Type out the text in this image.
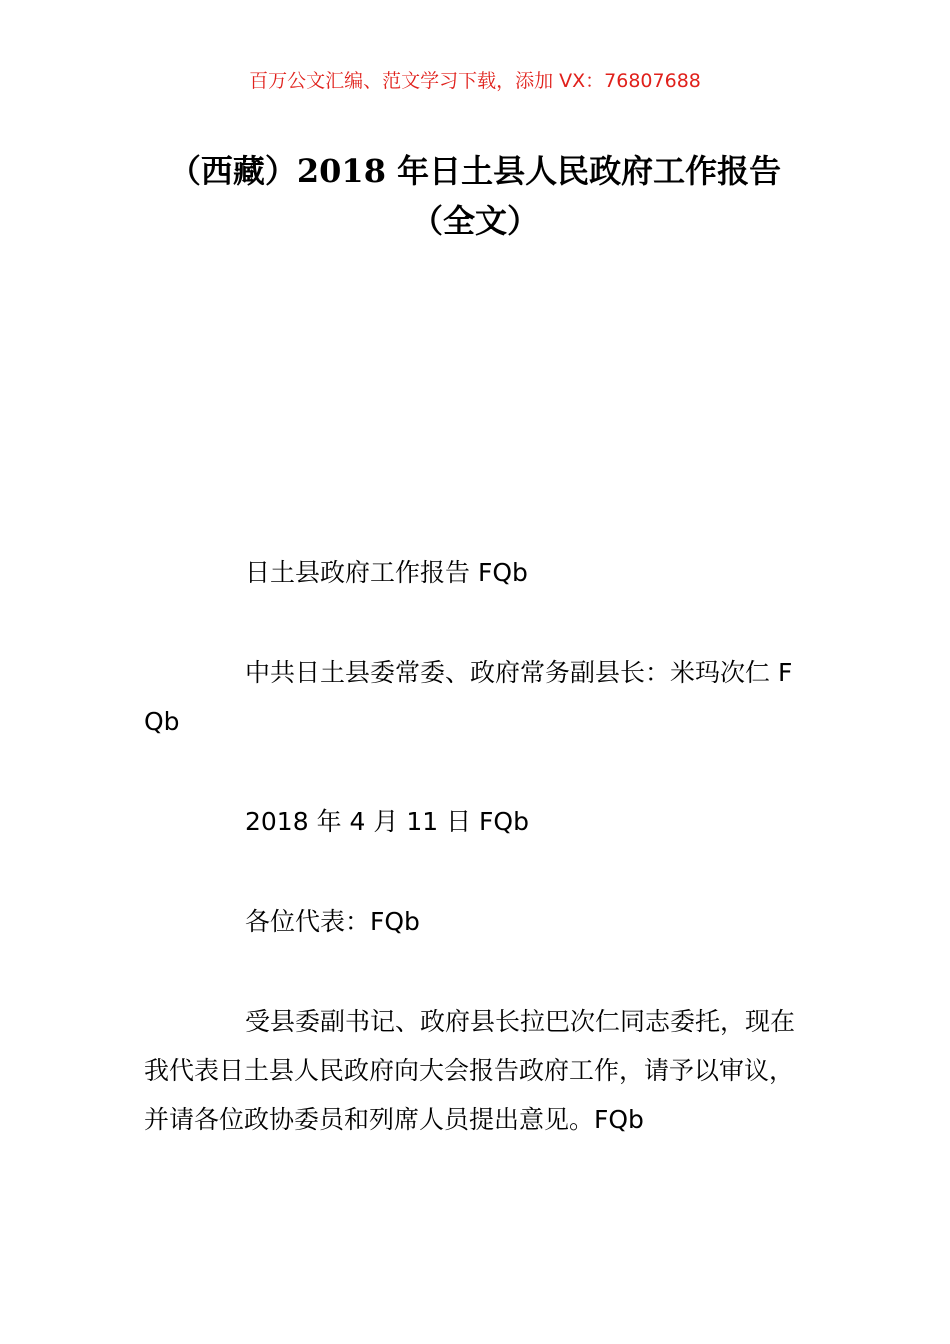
百万公文汇编、范文学习下载，添加 VX：76807688
（西藏）2018 年日土县人民政府工作报告
（全文）

日土县政府工作报告 FQb

中共日土县委常委、政府常务副县长：米玛次仁 FQb

2018 年 4 月 11 日 FQb

各位代表：FQb

受县委副书记、政府县长拉巴次仁同志委托，现在我代表日土县人民政府向大会报告政府工作，请予以审议，并请各位政协委员和列席人员提出意见。FQb
